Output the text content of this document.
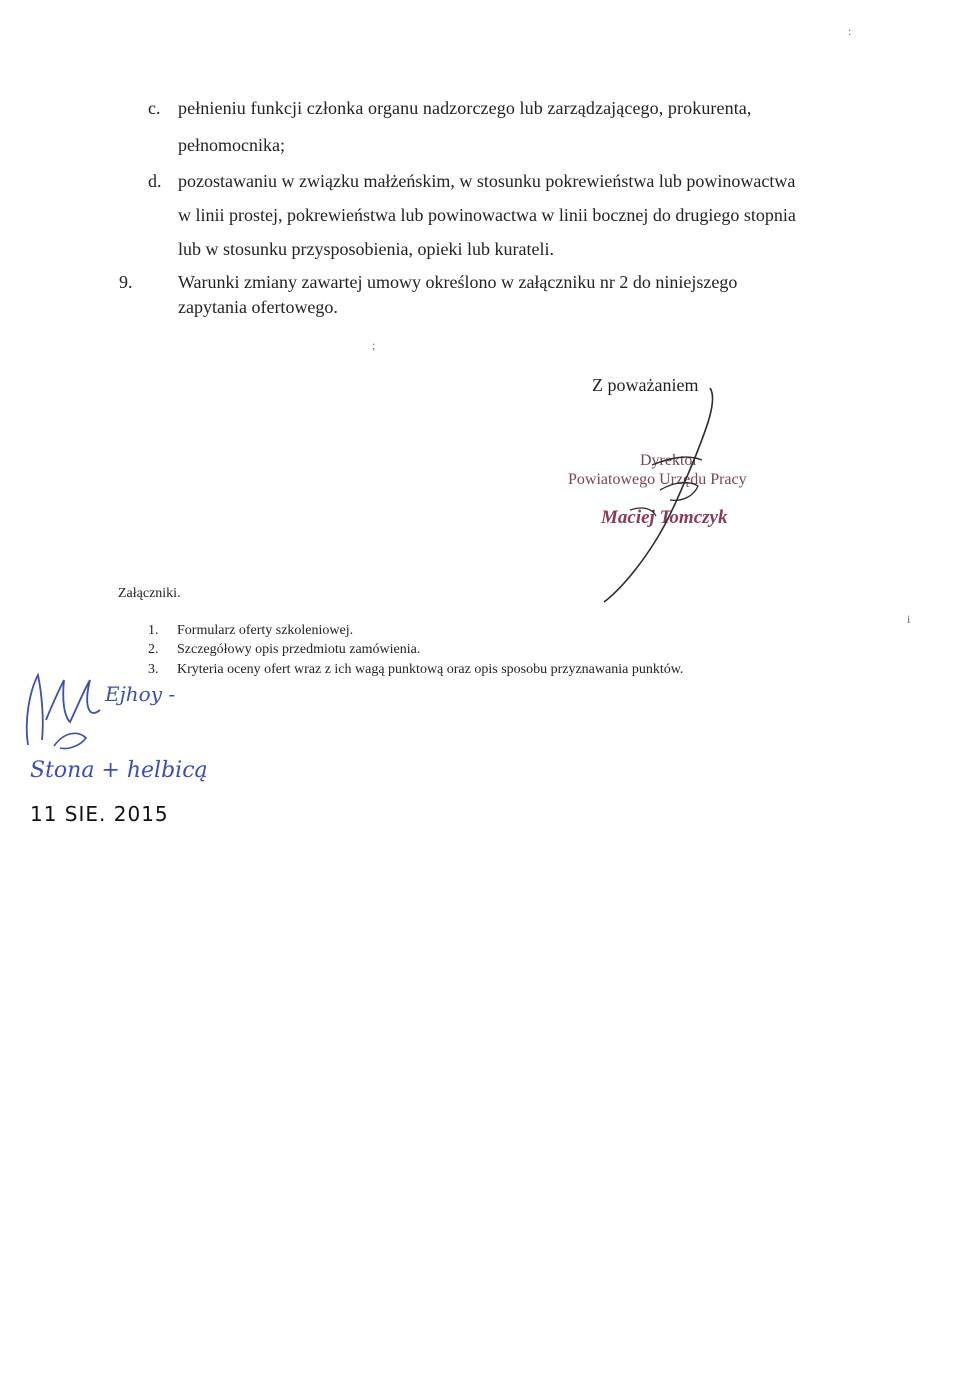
c. pełnieniu funkcji członka organu nadzorczego lub zarządzającego, prokurenta,
pełnomocnika;
d. pozostawaniu w związku małżeńskim, w stosunku pokrewieństwa lub powinowactwa
w linii prostej, pokrewieństwa lub powinowactwa w linii bocznej do drugiego stopnia
lub w stosunku przysposobienia, opieki lub kurateli.
9.	Warunki zmiany zawartej umowy określono w załączniku nr 2 do niniejszego
zapytania ofertowego.
Z poważaniem
Dyrektor
Powiatowego Urzędu Pracy
Maciej Tomczyk
Załączniki.
1. Formularz oferty szkoleniowej.
2. Szczegółowy opis przedmiotu zamówienia.
3. Kryteria oceny ofert wraz z ich wagą punktową oraz opis sposobu przyznawania punktów.
Ejhoy -
Stona + helbicą
11 SIE. 2015
:
;
i
